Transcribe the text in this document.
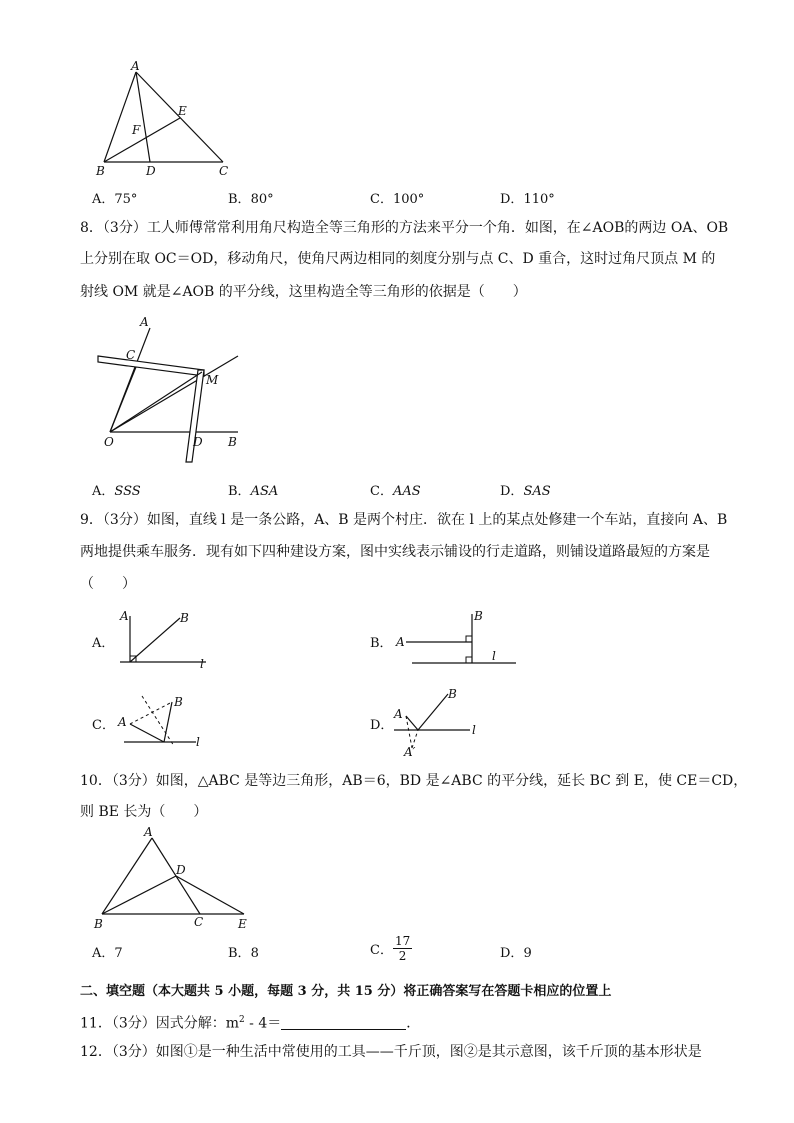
A
B	C
D
E
F
A．75°	B．80°	C．100°	D．110°
8．（3分）工人师傅常常利用角尺构造全等三角形的方法来平分一个角．如图，在∠AOB的两边 OA、OB
上分别在取 OC＝OD，移动角尺，使角尺两边相同的刻度分别与点 C、D 重合，这时过角尺顶点 M 的
射线 OM 就是∠AOB 的平分线，这里构造全等三角形的依据是（　　）
A
C
M
O	D B
A．SSS	B．ASA	C．AAS	D．SAS
9．（3分）如图，直线 l 是一条公路，A、B 是两个村庄．欲在 l 上的某点处修建一个车站，直接向 A、B
两地提供乘车服务．现有如下四种建设方案，图中实线表示铺设的行走道路，则铺设道路最短的方案是
（　　）
A．
A	B
l
B． A
B
l
C． A
B
l
D．
A
B
l
A′
10．（3分）如图，△ABC 是等边三角形，AB＝6，BD 是∠ABC 的平分线，延长 BC 到 E，使 CE＝CD，
则 BE 长为（　　）
A
B	C
D
E
A．7	B．8	C． $\frac{17}{2}$	D．9
二、填空题（本大题共 5 小题，每题 3 分，共 15 分）将正确答案写在答题卡相应的位置上
11．（3分）因式分解：$m^2 - 4=$	．
12．（3分）如图①是一种生活中常使用的工具——千斤顶，图②是其示意图，该千斤顶的基本形状是
